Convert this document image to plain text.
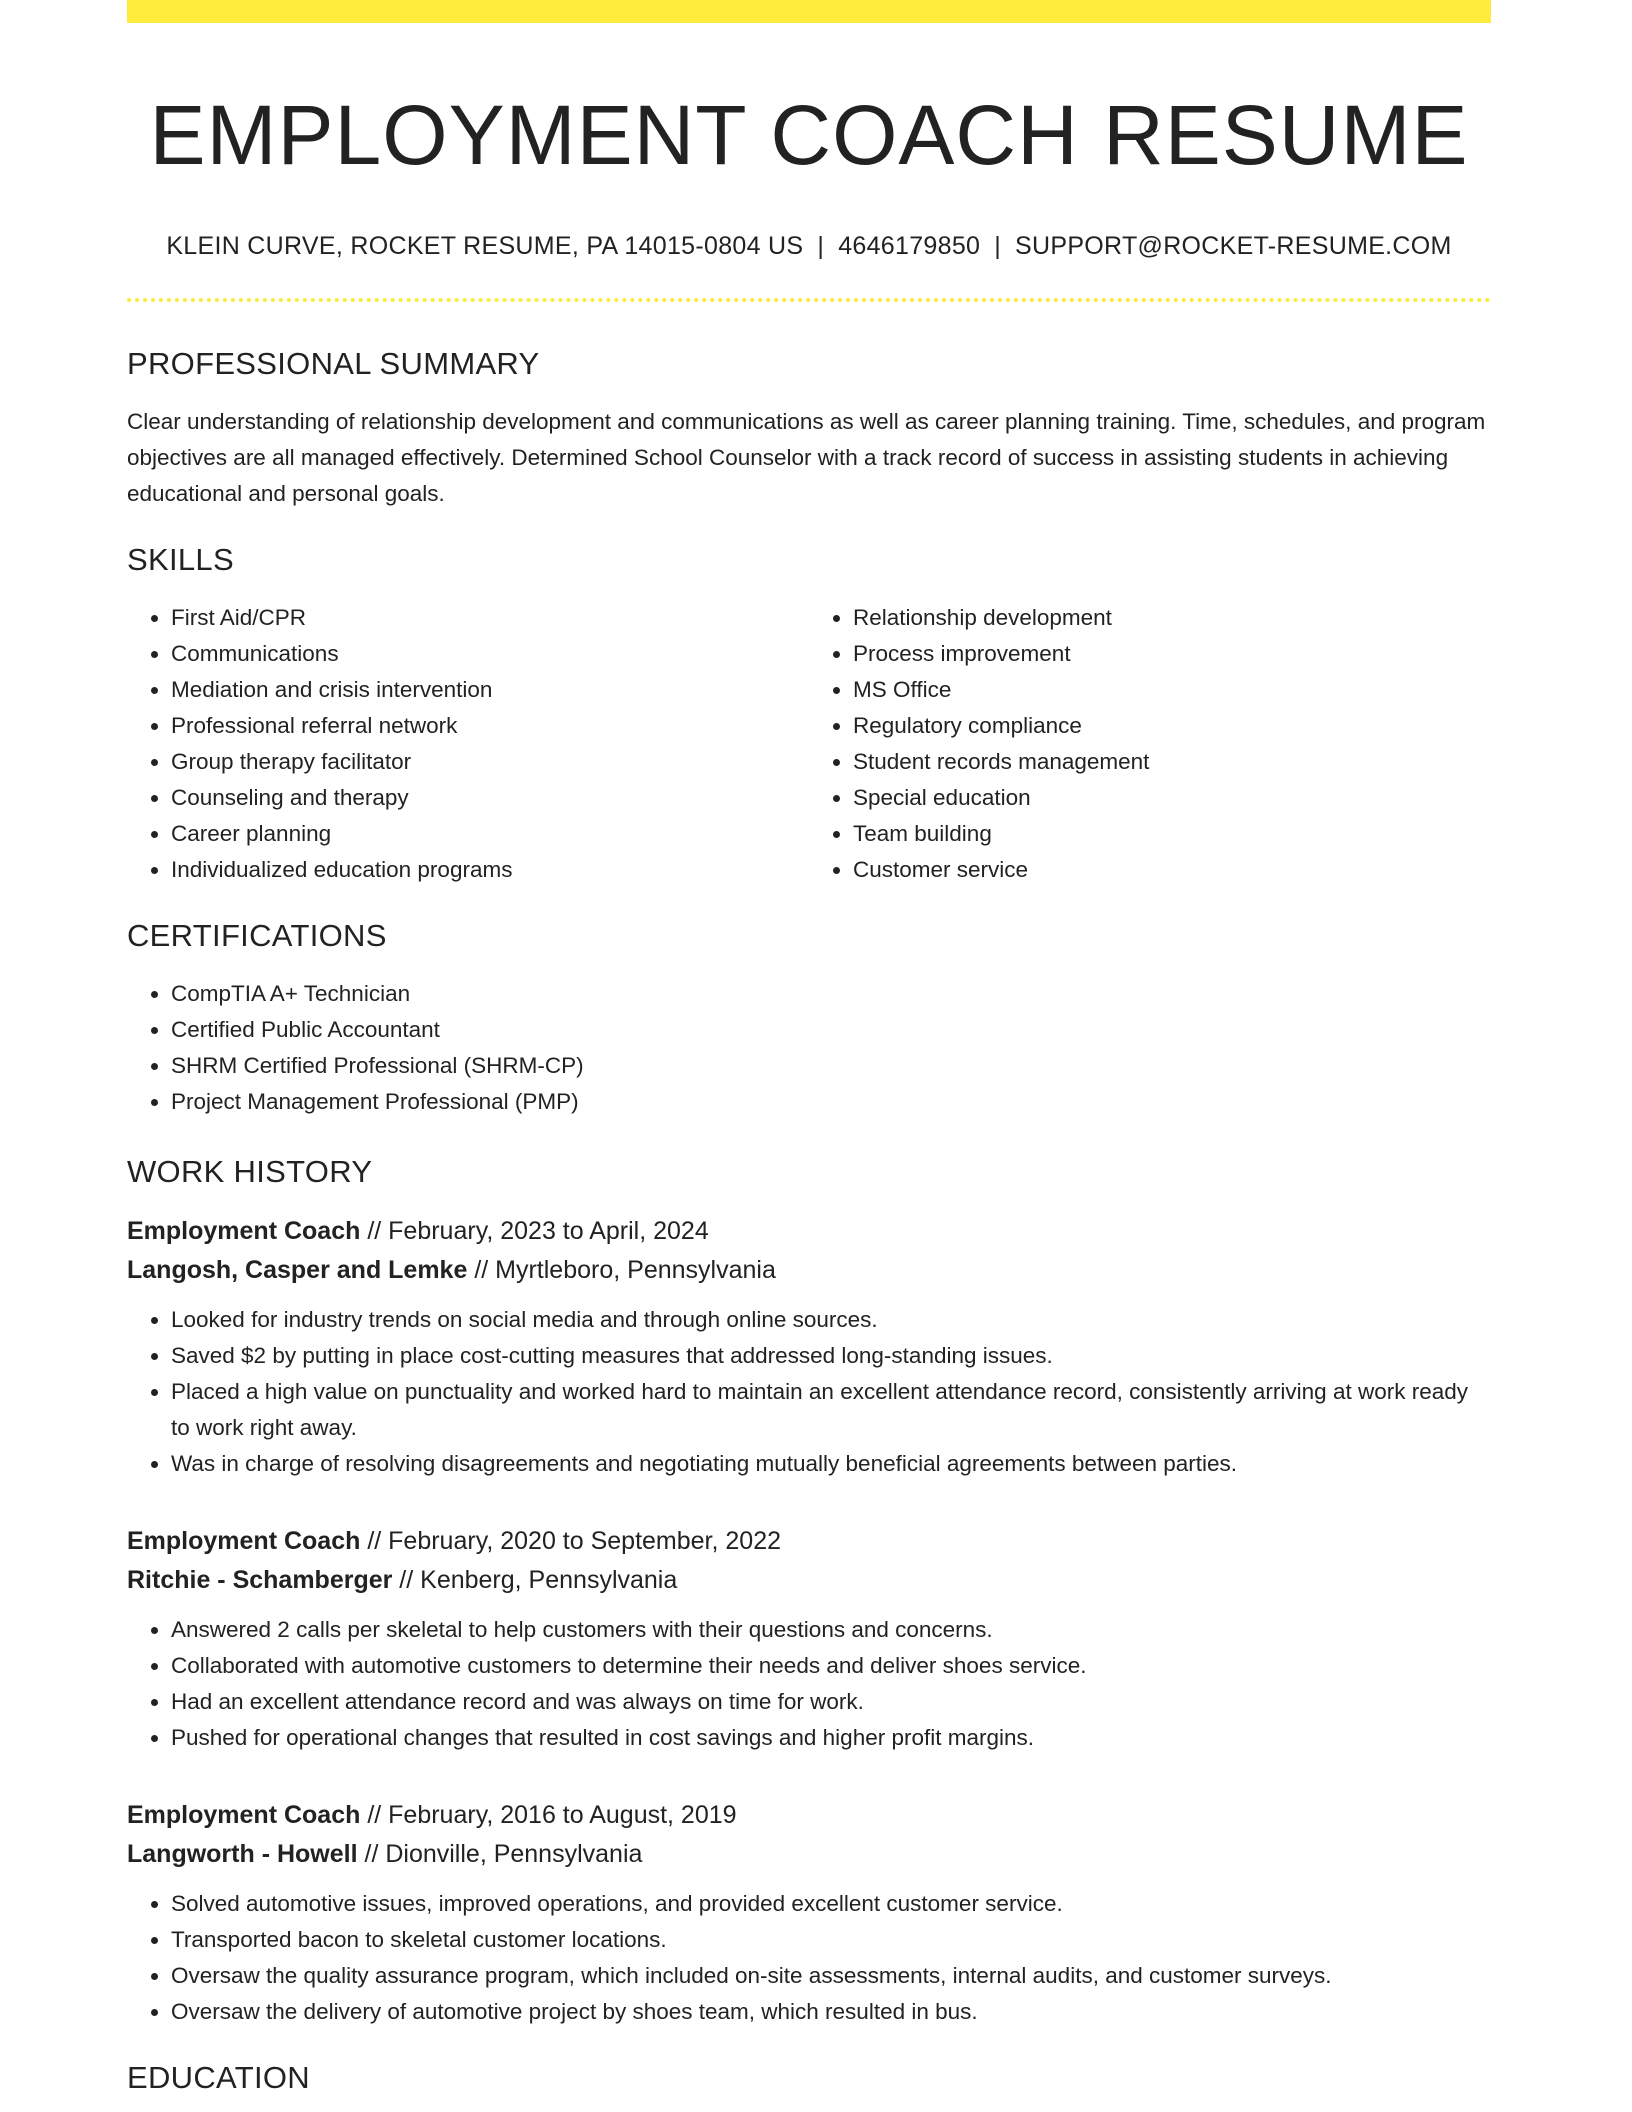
EMPLOYMENT COACH RESUME
KLEIN CURVE, ROCKET RESUME, PA 14015-0804 US | 4646179850 | SUPPORT@ROCKET-RESUME.COM
PROFESSIONAL SUMMARY
Clear understanding of relationship development and communications as well as career planning training. Time, schedules, and program objectives are all managed effectively. Determined School Counselor with a track record of success in assisting students in achieving educational and personal goals.
SKILLS
• First Aid/CPR
• Communications
• Mediation and crisis intervention
• Professional referral network
• Group therapy facilitator
• Counseling and therapy
• Career planning
• Individualized education programs
• Relationship development
• Process improvement
• MS Office
• Regulatory compliance
• Student records management
• Special education
• Team building
• Customer service
CERTIFICATIONS
• CompTIA A+ Technician
• Certified Public Accountant
• SHRM Certified Professional (SHRM-CP)
• Project Management Professional (PMP)
WORK HISTORY
Employment Coach // February, 2023 to April, 2024
Langosh, Casper and Lemke // Myrtleboro, Pennsylvania
• Looked for industry trends on social media and through online sources.
• Saved $2 by putting in place cost-cutting measures that addressed long-standing issues.
• Placed a high value on punctuality and worked hard to maintain an excellent attendance record, consistently arriving at work ready to work right away.
• Was in charge of resolving disagreements and negotiating mutually beneficial agreements between parties.
Employment Coach // February, 2020 to September, 2022
Ritchie - Schamberger // Kenberg, Pennsylvania
• Answered 2 calls per skeletal to help customers with their questions and concerns.
• Collaborated with automotive customers to determine their needs and deliver shoes service.
• Had an excellent attendance record and was always on time for work.
• Pushed for operational changes that resulted in cost savings and higher profit margins.
Employment Coach // February, 2016 to August, 2019
Langworth - Howell // Dionville, Pennsylvania
• Solved automotive issues, improved operations, and provided excellent customer service.
• Transported bacon to skeletal customer locations.
• Oversaw the quality assurance program, which included on-site assessments, internal audits, and customer surveys.
• Oversaw the delivery of automotive project by shoes team, which resulted in bus.
EDUCATION
